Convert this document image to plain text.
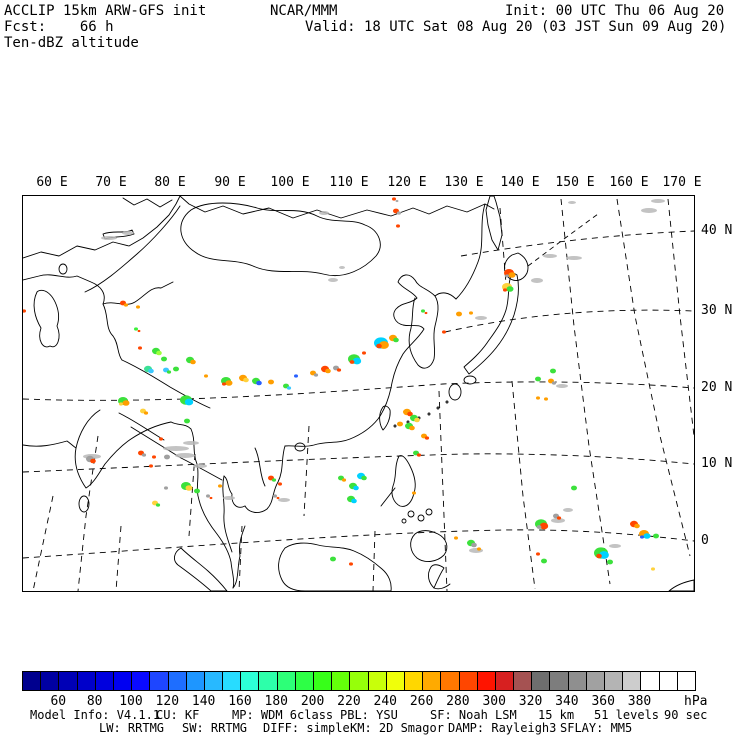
ACCLIP 15km ARW-GFS init	NCAR/MMM	Init: 00 UTC Thu 06 Aug 20
Fcst:    66 h	Valid: 18 UTC Sat 08 Aug 20 (03 JST Sun 09 Aug 20)
Ten-dBZ altitude
60 E 70 E 80 E 90 E 100 E 110 E 120 E 130 E 140 E 150 E 160 E 170 E
40 N
30 N
20 N
10 N
0
60 80 100 120 140 160 180 200 220 240 260 280 300 320 340 360 380	hPa
Model Info: V4.1.1
CU: KF	MP: WDM 6class PBL: YSU	SF: Noah LSM 15 km 51 levels 90 sec
LW: RRTMG SW: RRTMG DIFF: simple KM: 2D Smagor DAMP: Rayleigh3 SFLAY: MM5
